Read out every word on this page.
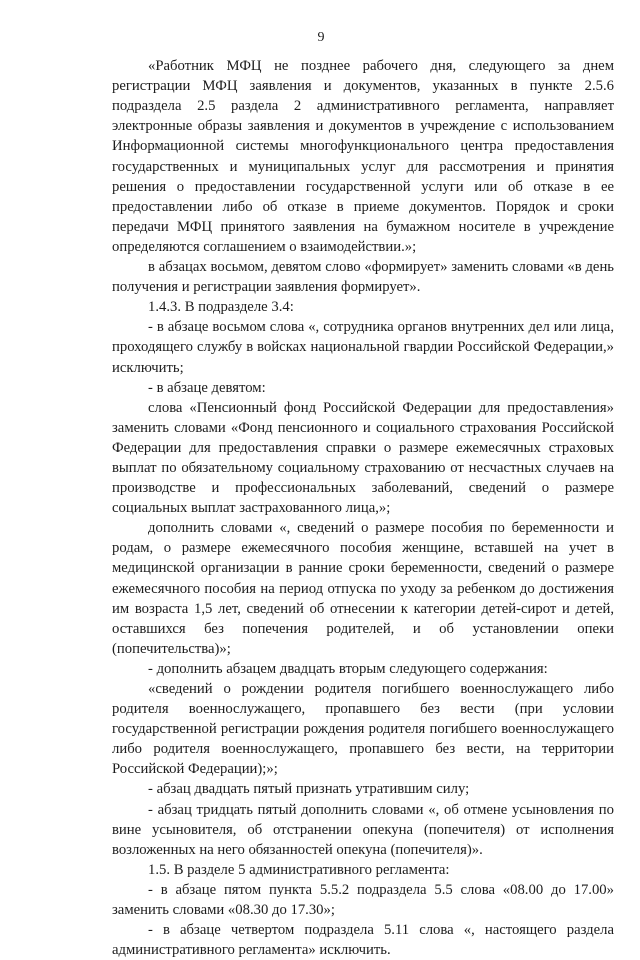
9

«Работник МФЦ не позднее рабочего дня, следующего за днем регистрации МФЦ заявления и документов, указанных в пункте 2.5.6 подраздела 2.5 раздела 2 административного регламента, направляет электронные образы заявления и документов в учреждение с использованием Информационной системы многофункционального центра предоставления государственных и муниципальных услуг для рассмотрения и принятия решения о предоставлении государственной услуги или об отказе в ее предоставлении либо об отказе в приеме документов. Порядок и сроки передачи МФЦ принятого заявления на бумажном носителе в учреждение определяются соглашением о взаимодействии.»;

в абзацах восьмом, девятом слово «формирует» заменить словами «в день получения и регистрации заявления формирует».

1.4.3. В подразделе 3.4:

- в абзаце восьмом слова «, сотрудника органов внутренних дел или лица, проходящего службу в войсках национальной гвардии Российской Федерации,» исключить;

- в абзаце девятом:

слова «Пенсионный фонд Российской Федерации для предоставления» заменить словами «Фонд пенсионного и социального страхования Российской Федерации для предоставления справки о размере ежемесячных страховых выплат по обязательному социальному страхованию от несчастных случаев на производстве и профессиональных заболеваний, сведений о размере социальных выплат застрахованного лица,»;

дополнить словами «, сведений о размере пособия по беременности и родам, о размере ежемесячного пособия женщине, вставшей на учет в медицинской организации в ранние сроки беременности, сведений о размере ежемесячного пособия на период отпуска по уходу за ребенком до достижения им возраста 1,5 лет, сведений об отнесении к категории детей-сирот и детей, оставшихся без попечения родителей, и об установлении опеки (попечительства)»;

- дополнить абзацем двадцать вторым следующего содержания:

«сведений о рождении родителя погибшего военнослужащего либо родителя военнослужащего, пропавшего без вести (при условии государственной регистрации рождения родителя погибшего военнослужащего либо родителя военнослужащего, пропавшего без вести, на территории Российской Федерации);»;

- абзац двадцать пятый признать утратившим силу;

- абзац тридцать пятый дополнить словами «, об отмене усыновления по вине усыновителя, об отстранении опекуна (попечителя) от исполнения возложенных на него обязанностей опекуна (попечителя)».

1.5. В разделе 5 административного регламента:

- в абзаце пятом пункта 5.5.2 подраздела 5.5 слова «08.00 до 17.00» заменить словами «08.30 до 17.30»;

- в абзаце четвертом подраздела 5.11 слова «, настоящего раздела административного регламента» исключить.
